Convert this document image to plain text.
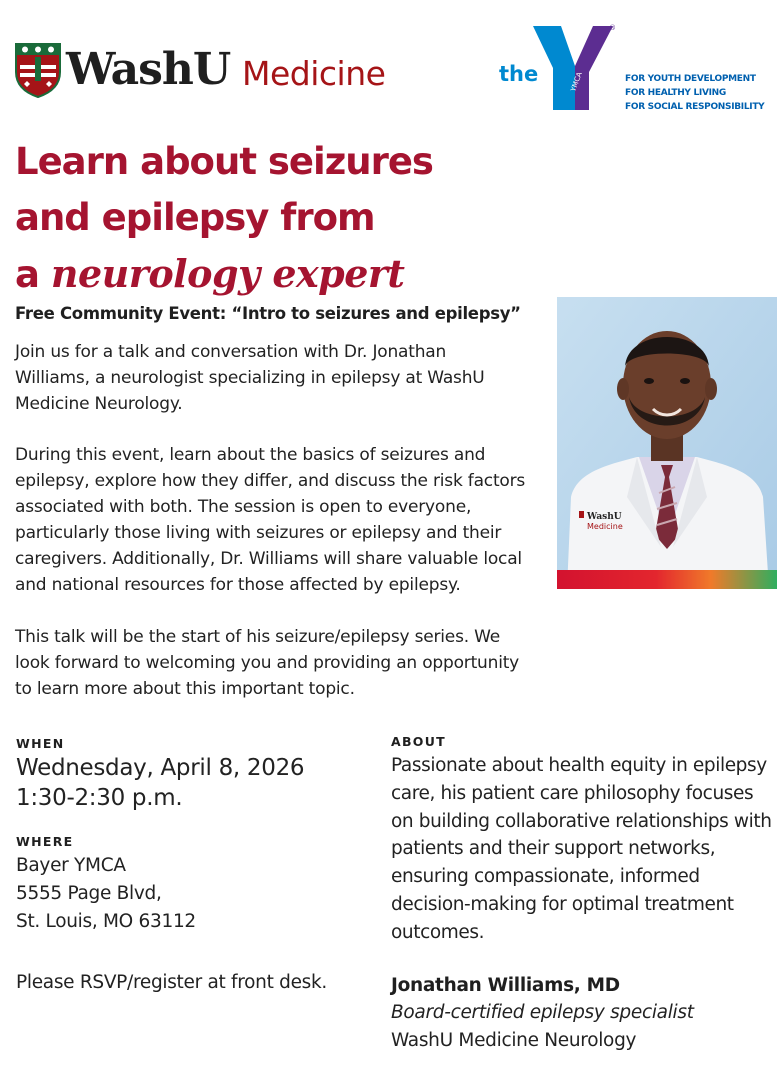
WashU Medicine	the	YMCA
®
FOR YOUTH DEVELOPMENT
FOR HEALTHY LIVING
FOR SOCIAL RESPONSIBILITY
Learn about seizures
and epilepsy from
a neurology expert
Free Community Event: “Intro to seizures and epilepsy”
Join us for a talk and conversation with Dr. Jonathan Williams, a neurologist specializing in epilepsy at WashU Medicine Neurology.
During this event, learn about the basics of seizures and epilepsy, explore how they differ, and discuss the risk factors associated with both. The session is open to everyone, particularly those living with seizures or epilepsy and their caregivers. Additionally, Dr. Williams will share valuable local and national resources for those affected by epilepsy.
This talk will be the start of his seizure/epilepsy series. We look forward to welcoming you and providing an opportunity to learn more about this important topic.
WashU
Medicine
WHEN
Wednesday, April 8, 2026
1:30-2:30 p.m.
WHERE
Bayer YMCA
5555 Page Blvd,
St. Louis, MO 63112
Please RSVP/register at front desk.
ABOUT
Passionate about health equity in epilepsy care, his patient care philosophy focuses on building collaborative relationships with patients and their support networks, ensuring compassionate, informed decision-making for optimal treatment outcomes.
Jonathan Williams, MD
Board-certified epilepsy specialist
WashU Medicine Neurology
